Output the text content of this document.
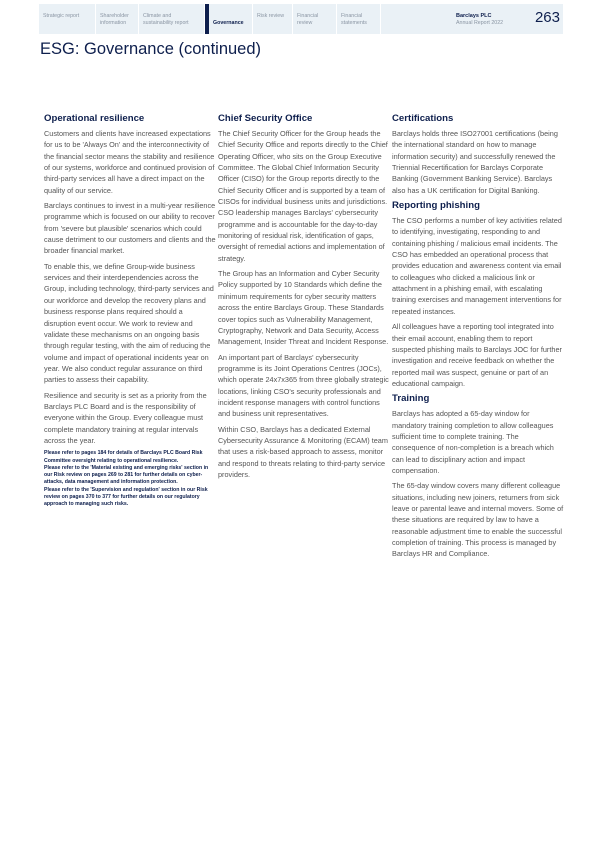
Strategic report	Shareholder information
Climate and sustainability report	Governance
Risk review	Financial review
Financial statements
Barclays PLC
Annual Report 2022 263
ESG: Governance (continued)
Operational resilience

Customers and clients have increased expectations for us to be 'Always On' and the interconnectivity of the financial sector means the stability and resilience of our systems, workforce and continued provision of third-party services all have a direct impact on the quality of our service.

Barclays continues to invest in a multi-year resilience programme which is focused on our ability to recover from 'severe but plausible' scenarios which could cause detriment to our customers and clients and the broader financial market.

To enable this, we define Group-wide business services and their interdependencies across the Group, including technology, third-party services and our workforce and develop the recovery plans and business response plans required should a disruption event occur. We work to review and validate these mechanisms on an ongoing basis through regular testing, with the aim of reducing the volume and impact of operational incidents year on year. We also conduct regular assurance on third parties to assess their capability.

Resilience and security is set as a priority from the Barclays PLC Board and is the responsibility of everyone within the Group. Every colleague must complete mandatory training at regular intervals across the year.

Please refer to pages 184 for details of Barclays PLC Board Risk Committee oversight relating to operational resilience.

Please refer to the 'Material existing and emerging risks' section in our Risk review on pages 269 to 281 for further details on cyber-attacks, data management and information protection.

Please refer to the 'Supervision and regulation' section in our Risk review on pages 370 to 377 for further details on our regulatory approach to managing such risks.

Chief Security Office

The Chief Security Officer for the Group heads the Chief Security Office and reports directly to the Chief Operating Officer, who sits on the Group Executive Committee. The Global Chief Information Security Officer (CISO) for the Group reports directly to the Chief Security Officer and is supported by a team of CISOs for individual business units and jurisdictions. CSO leadership manages Barclays' cybersecurity programme and is accountable for the day-to-day monitoring of residual risk, identification of gaps, oversight of remedial actions and implementation of strategy.

The Group has an Information and Cyber Security Policy supported by 10 Standards which define the minimum requirements for cyber security matters across the entire Barclays Group. These Standards cover topics such as Vulnerability Management, Cryptography, Network and Data Security, Access Management, Insider Threat and Incident Response.

An important part of Barclays' cybersecurity programme is its Joint Operations Centres (JOCs), which operate 24x7x365 from three globally strategic locations, linking CSO's security professionals and incident response managers with control functions and business unit representatives.

Within CSO, Barclays has a dedicated External Cybersecurity Assurance & Monitoring (ECAM) team that uses a risk-based approach to assess, monitor and respond to threats relating to third-party service providers.

Certifications

Barclays holds three ISO27001 certifications (being the international standard on how to manage information security) and successfully renewed the Triennial Recertification for Barclays Corporate Banking (Government Banking Service). Barclays also has a UK certification for Digital Banking.

Reporting phishing

The CSO performs a number of key activities related to identifying, investigating, responding to and containing phishing / malicious email incidents. The CSO has embedded an operational process that provides education and awareness content via email to colleagues who clicked a malicious link or attachment in a phishing email, with escalating training exercises and management interventions for repeated instances.

All colleagues have a reporting tool integrated into their email account, enabling them to report suspected phishing mails to Barclays JOC for further investigation and receive feedback on whether the reported mail was suspect, genuine or part of an educational campaign.

Training

Barclays has adopted a 65-day window for mandatory training completion to allow colleagues sufficient time to complete training. The consequence of non-completion is a breach which can lead to disciplinary action and impact compensation.

The 65-day window covers many different colleague situations, including new joiners, returners from sick leave or parental leave and internal movers. Some of these situations are required by law to have a reasonable adjustment time to enable the successful completion of training. This process is managed by Barclays HR and Compliance.
